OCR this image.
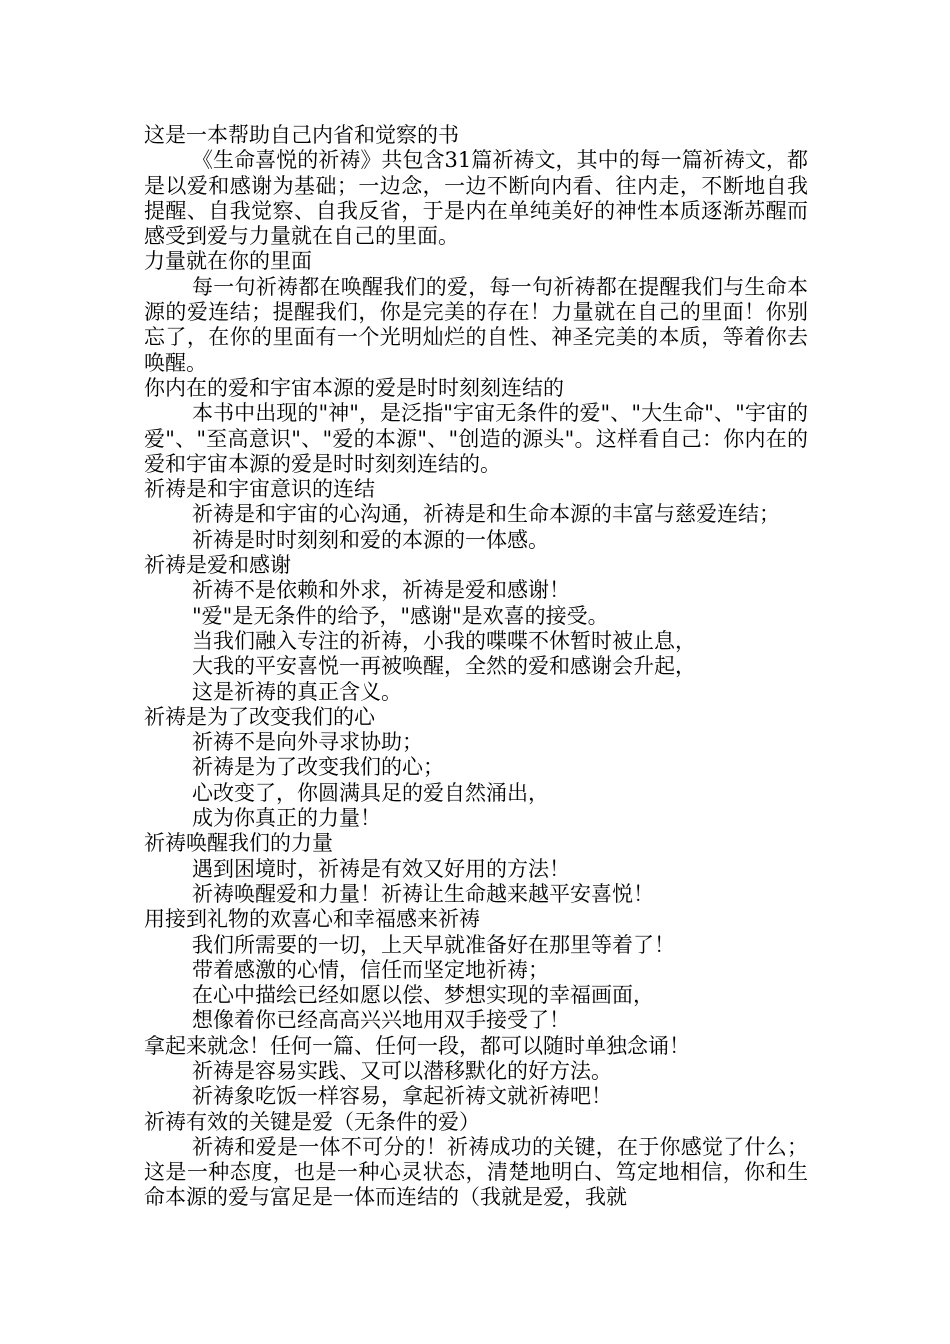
这是一本帮助自己内省和觉察的书

《生命喜悦的祈祷》共包含31篇祈祷文，其中的每一篇祈祷文，都是以爱和感谢为基础；一边念，一边不断向内看、往内走，不断地自我提醒、自我觉察、自我反省，于是内在单纯美好的神性本质逐渐苏醒而感受到爱与力量就在自己的里面。

力量就在你的里面

每一句祈祷都在唤醒我们的爱，每一句祈祷都在提醒我们与生命本源的爱连结；提醒我们，你是完美的存在！力量就在自己的里面！你别忘了，在你的里面有一个光明灿烂的自性、神圣完美的本质，等着你去唤醒。

你内在的爱和宇宙本源的爱是时时刻刻连结的

本书中出现的"神"，是泛指"宇宙无条件的爱"、"大生命"、"宇宙的爱"、"至高意识"、"爱的本源"、"创造的源头"。这样看自己：你内在的爱和宇宙本源的爱是时时刻刻连结的。

祈祷是和宇宙意识的连结

祈祷是和宇宙的心沟通，祈祷是和生命本源的丰富与慈爱连结；

祈祷是时时刻刻和爱的本源的一体感。

祈祷是爱和感谢

祈祷不是依赖和外求，祈祷是爱和感谢！

"爱"是无条件的给予，"感谢"是欢喜的接受。

当我们融入专注的祈祷，小我的喋喋不休暂时被止息，

大我的平安喜悦一再被唤醒，全然的爱和感谢会升起，

这是祈祷的真正含义。

祈祷是为了改变我们的心

祈祷不是向外寻求协助；

祈祷是为了改变我们的心；

心改变了，你圆满具足的爱自然涌出，

成为你真正的力量！

祈祷唤醒我们的力量

遇到困境时，祈祷是有效又好用的方法！

祈祷唤醒爱和力量！祈祷让生命越来越平安喜悦！

用接到礼物的欢喜心和幸福感来祈祷

我们所需要的一切，上天早就准备好在那里等着了！

带着感激的心情，信任而坚定地祈祷；

在心中描绘已经如愿以偿、梦想实现的幸福画面，

想像着你已经高高兴兴地用双手接受了！

拿起来就念！任何一篇、任何一段，都可以随时单独念诵！

祈祷是容易实践、又可以潜移默化的好方法。

祈祷象吃饭一样容易，拿起祈祷文就祈祷吧！

祈祷有效的关键是爱（无条件的爱）

祈祷和爱是一体不可分的！祈祷成功的关键，在于你感觉了什么；这是一种态度，也是一种心灵状态，清楚地明白、笃定地相信，你和生命本源的爱与富足是一体而连结的（我就是爱，我就
